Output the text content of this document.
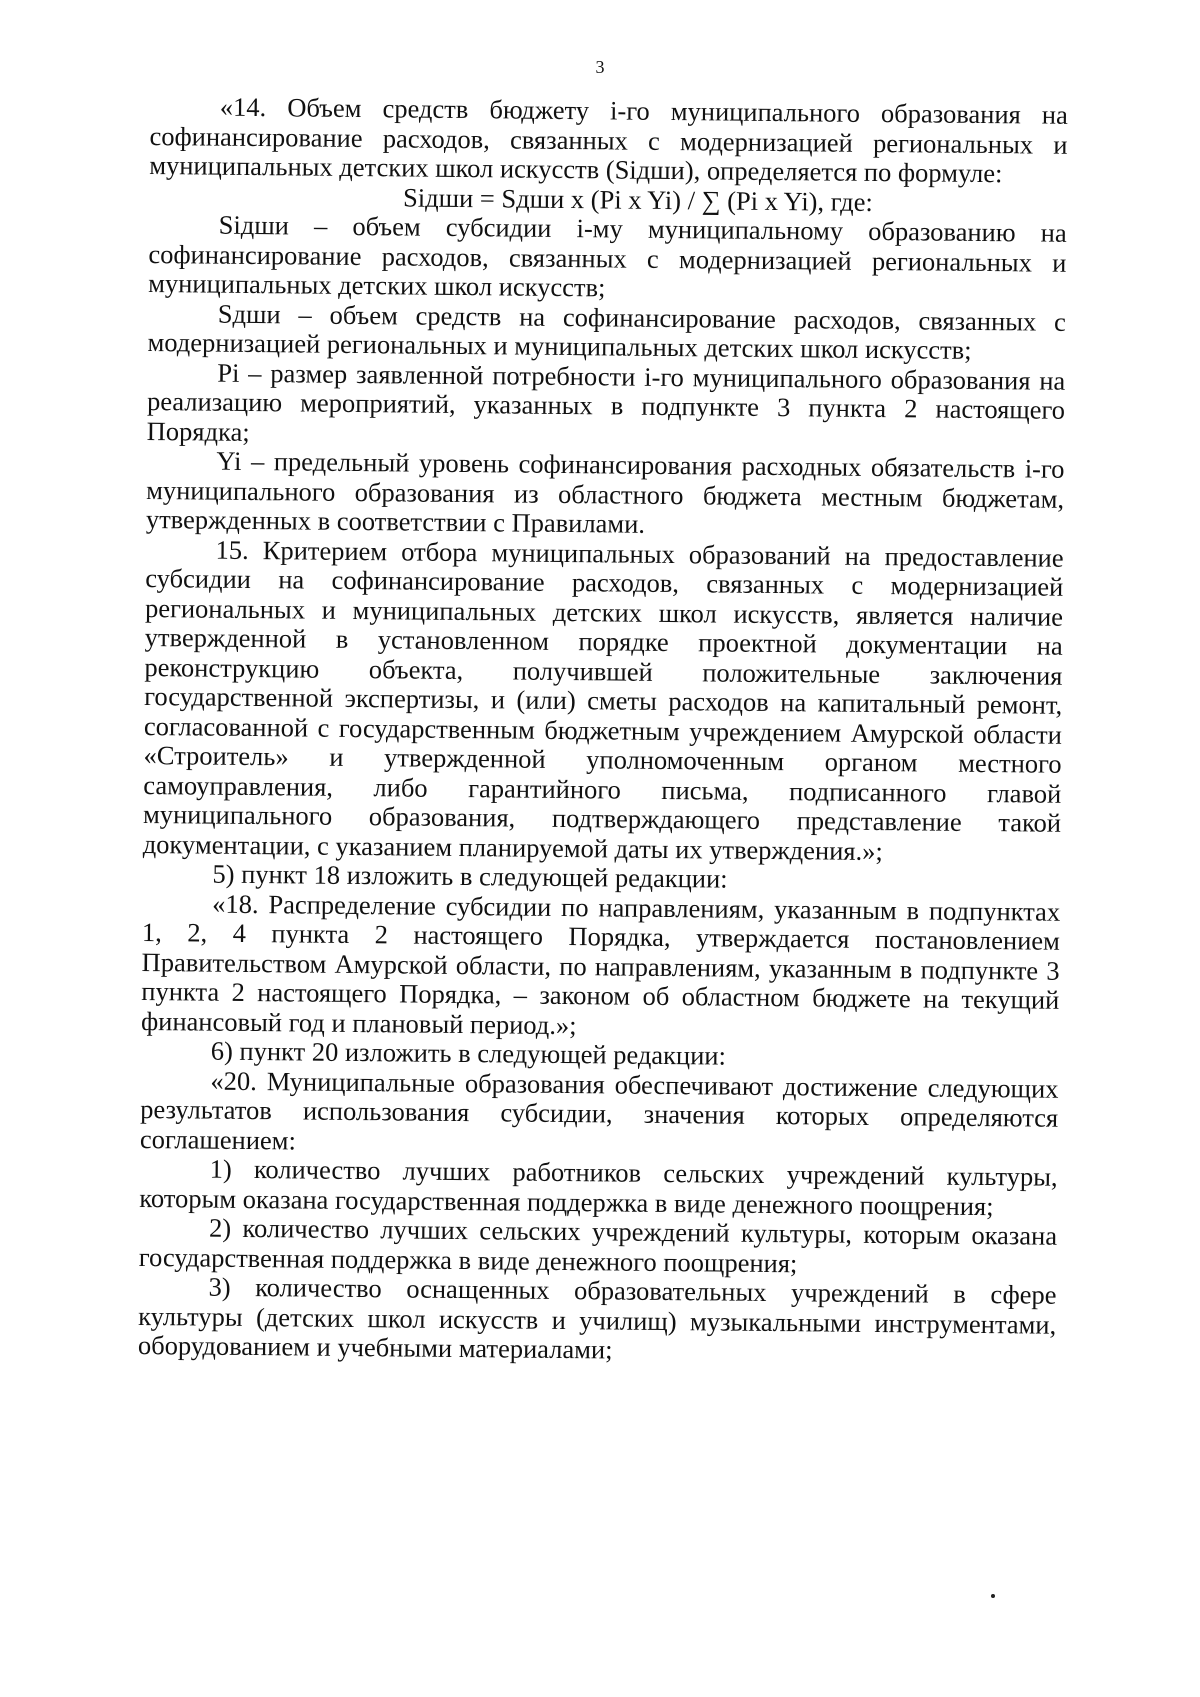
3

«14. Объем средств бюджету i-го муниципального образования на софинансирование расходов, связанных с модернизацией региональных и муниципальных детских школ искусств (Siдши), определяется по формуле:

Siдши = Sдши x (Pi x Yi) / ∑ (Pi x Yi), где:

Siдши – объем субсидии i-му муниципальному образованию на софинансирование расходов, связанных с модернизацией региональных и муниципальных детских школ искусств;

Sдши – объем средств на софинансирование расходов, связанных с модернизацией региональных и муниципальных детских школ искусств;

Pi – размер заявленной потребности i-го муниципального образования на реализацию мероприятий, указанных в подпункте 3 пункта 2 настоящего Порядка;

Yi – предельный уровень софинансирования расходных обязательств i-го муниципального образования из областного бюджета местным бюджетам, утвержденных в соответствии с Правилами.

15. Критерием отбора муниципальных образований на предоставление субсидии на софинансирование расходов, связанных с модернизацией региональных и муниципальных детских школ искусств, является наличие утвержденной в установленном порядке проектной документации на реконструкцию объекта, получившей положительные заключения государственной экспертизы, и (или) сметы расходов на капитальный ремонт, согласованной с государственным бюджетным учреждением Амурской области «Строитель» и утвержденной уполномоченным органом местного самоуправления, либо гарантийного письма, подписанного главой муниципального образования, подтверждающего представление такой документации, с указанием планируемой даты их утверждения.»;

5) пункт 18 изложить в следующей редакции:

«18. Распределение субсидии по направлениям, указанным в подпунктах 1, 2, 4 пункта 2 настоящего Порядка, утверждается постановлением Правительством Амурской области, по направлениям, указанным в подпункте 3 пункта 2 настоящего Порядка, – законом об областном бюджете на текущий финансовый год и плановый период.»;

6) пункт 20 изложить в следующей редакции:

«20. Муниципальные образования обеспечивают достижение следующих результатов использования субсидии, значения которых определяются соглашением:

1) количество лучших работников сельских учреждений культуры, которым оказана государственная поддержка в виде денежного поощрения;

2) количество лучших сельских учреждений культуры, которым оказана государственная поддержка в виде денежного поощрения;

3) количество оснащенных образовательных учреждений в сфере культуры (детских школ искусств и училищ) музыкальными инструментами, оборудованием и учебными материалами;
